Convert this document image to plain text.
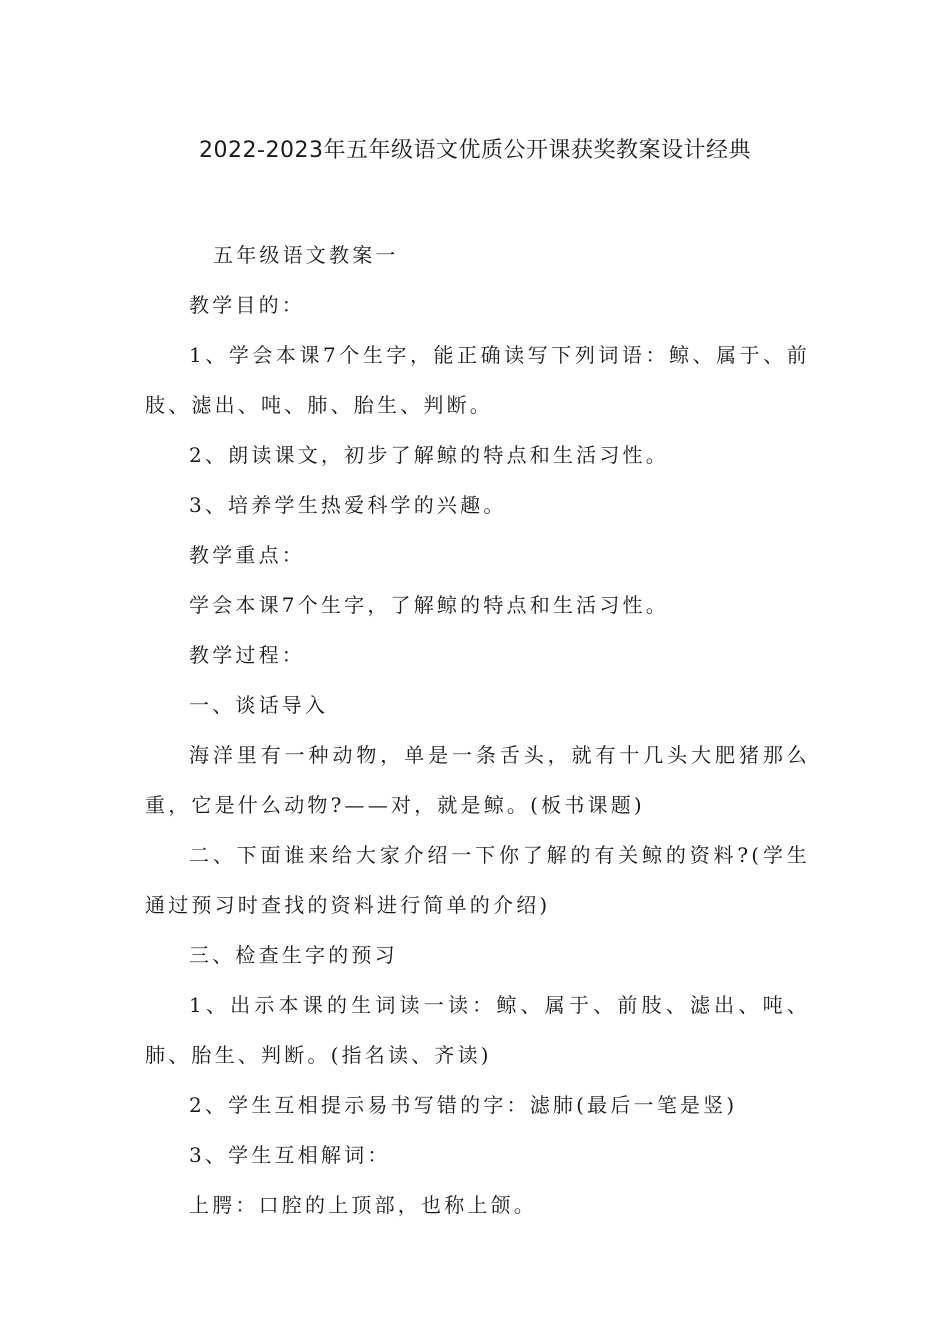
2022-2023年五年级语文优质公开课获奖教案设计经典

五年级语文教案一

教学目的：

1、学会本课7个生字，能正确读写下列词语：鲸、属于、前肢、滤出、吨、肺、胎生、判断。

2、朗读课文，初步了解鲸的特点和生活习性。

3、培养学生热爱科学的兴趣。

教学重点：

学会本课7个生字，了解鲸的特点和生活习性。

教学过程：

一、谈话导入

海洋里有一种动物，单是一条舌头，就有十几头大肥猪那么重，它是什么动物?——对，就是鲸。(板书课题)

二、下面谁来给大家介绍一下你了解的有关鲸的资料?(学生通过预习时查找的资料进行简单的介绍)

三、检查生字的预习

1、出示本课的生词读一读：鲸、属于、前肢、滤出、吨、肺、胎生、判断。(指名读、齐读)

2、学生互相提示易书写错的字：滤肺(最后一笔是竖)

3、学生互相解词：

上腭：口腔的上顶部，也称上颌。
